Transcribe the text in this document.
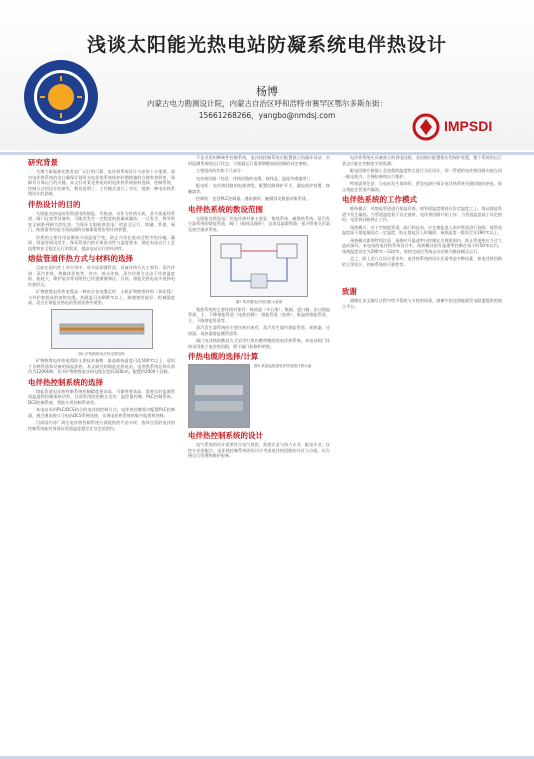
浅谈太阳能光热电站防凝系统电伴热设计
杨博
内蒙古电力勘测设计院，内蒙古自治区呼和浩特市赛罕区鄂尔多斯东街：
15661268266，yangbo@nmdsj.com
IMPSDI
研究背景

为增大新能源光热发电厂运行的可靠、电伴热系统设计与安装十分重要。面对电伴热系统的出口确保计划形式电伴热系统保护时期措施的合理有效利用，保障其可靠运行的关键。本文针对某光热电站的电伴热系统如何选择、控制系统、控制方式的设计的研究，数设说明了、工作模式进行了对比，提供一种电伴热系统设计的思路。

伴热设计的目的

太阳能光热电站的管道用的熔盐、导热油、水作为传热介质，其介质流经管道、阀门仪表等设备时，可能会发生一定程度的低凝或凝结。一旦发生，将导致安全阀套到阀大的危害，为保证太阳能热发电厂的安全运行，熔融，管道、阀门、换热器等的是介质流通的设备都需要安装伴热装置。

伴热的主要作用是维持介质温度不变，防止介质在流动过程中的冷凝、凝固、结晶等情况发生，保证管道内的介质流动性与温度要求，满足电站运行工艺流程和安全稳定运行的需求，提高电站运行的经济性。

熔盐管道伴热方式与材料的选择

目前在国内外工业应用中，对介质伴随管道、设备伴热方式主要有：蒸汽伴热、蒸汽伴热、热媒体伴热等。其中，热水伴热、蒸汽伴热方式由于伴热温度低、能耗大，维护复杂等局限性已经逐渐被淘汰，目前，熔盐光热电站多选择电伴热形式。

矿物绝缘电伴热电缆是一种由合金电缆芯材、无机矿物绝缘材料（氧化镁）与外护套组成的加热电缆，其耐温可达600℃以上，耐腐蚀性能好，机械强度高，适合在熔盐光热电站管道伴热中使用。

图1 矿物绝缘电伴热电缆结构

矿物绝缘电伴热电缆的主要技术参数：最高维持温度可达500℃以上，适用于各种管道和设备的保温伴热。本文研究的熔盐光热电站，电伴热系统总体负荷约为1200kW，其中矿物绝缘电伴热电缆长度约320km，配置约2000个回路。

电伴热控制系统的选择

熔盐管道电伴热控制系统控制精度要求高、可靠性要求高，需要实时监测管道温度和控制加热功率。目前常用的控制方式有：温控器控制、PLC控制系统、DCS控制系统、智能专用控制系统等。

本电站采用PLC/DCS结合的电伴热控制方式，电伴热控制柜内配置PLC控制器，通过通讯接口与电站DCS系统连接，实现电伴热系统的集中监视和控制。

目前国内各厂商在电伴热控制系统方面提供的产品多样，选择合适的电伴热控制系统能有效保证管道温度稳定在设定范围内。

不论采用何种硬件控制系统，电伴热控制系统应配置独立的操作员站，实时监测系统的运行状态，可根据运行需要调整加热回路的设定参数。

主要组成的有如下几部分：

电伴热回路（包括：伴热回路的电缆、接线盒、温度传感器等）；

配电柜：电伴热回路的电源供给，配置回路保护开关，漏电保护装置、接触器等。

控制柜：包括PLC控制器、通讯模块、触摸屏及数据采集系统。

电伴热系统的数设范围

太阳能光热发电厂的电伴热对象主要是：集热系统、储换热系统、蒸汽发生器系统的熔盐管道、阀门（阀体及阀杆）、仪表及取源管路、部分管道支吊架及放空排净系统。

图2 集热器电伴热回路示意图

集热系统的主要伴热对象有：吸热器（多台塔）、集箱、进口箱、出口熔盐管道、主、下降熔盐管道（电热回路）、熔盐管道（加热）、低温热熔盐管道、主、下降熔盐管道等。

蒸汽发生器系统的主要伴热对象有：蒸汽发生器内熔盐管道、预热器、过热器、再热器熔盐侧管道等。

阀门电伴热的敷设方式采用打垫均敷带缠绕的电伴热系统。本电站阀门伴热采用独立电伴热回路，便于阀门检修和更换。

伴热电缆的选择/计算
图3 某熔盐管道电伴热电缆计算示意
电伴热控制系统的设计

电气系统的设计需要符合电气规范，需要注意与热力专业、配电专业、仪控专业的配合。电伴热控制系统的设计应考虑电伴热回路的分区与分组，以方便运行管理和维护检修。

电伴热系统应具备独立的供电回路，各回路应配置相应的保护装置，整个系统的运行状态应能在控制室实时监测。

配电回路应根据工艺流程的温度特点进行分区设计，同一管道的电伴热回路应接在同一配电柜内，方便检修和运行维护。

特别需要注意：当电站发生事故时，紧急电源应保证电伴热系统关键回路的供电，防止熔盐在管道内凝固。

电伴热系统的工作模式

维持模式：对熔盐管道进行保温伴热，使管道温度维持在设定温度之上，保证熔盐管道不发生凝固。当管道温度低于设定值时，电伴热回路开始工作；当管道温度高于设定值时，电伴热回路停止工作。

预热模式：对于空熔盐管道，阀门和仪表，应在熔盐进入前对管道进行预热，使管道温度高于熔盐凝固点一定温度，防止熔盐注入时凝固。预热温度一般设定在290℃以上。

预热模式需要特别注意：预热时升温速率应控制在合理范围内，防止管道热应力过大造成损坏。本电站的电伴热系统设计中，预热模式的升温速率控制在每小时50℃以内，预热温度设定为290℃～310℃，预热完成后系统自动切换为维持模式运行。

总之，除上述几点设计要求外，电伴热系统的设计还需考虑多种因素，如电伴热回路的冗余设计、控制系统的可靠性等。

致谢

感谢在本文编写过程中给予帮助与支持的同事，感谢中国光热能源发电联盟提供的展示平台。
